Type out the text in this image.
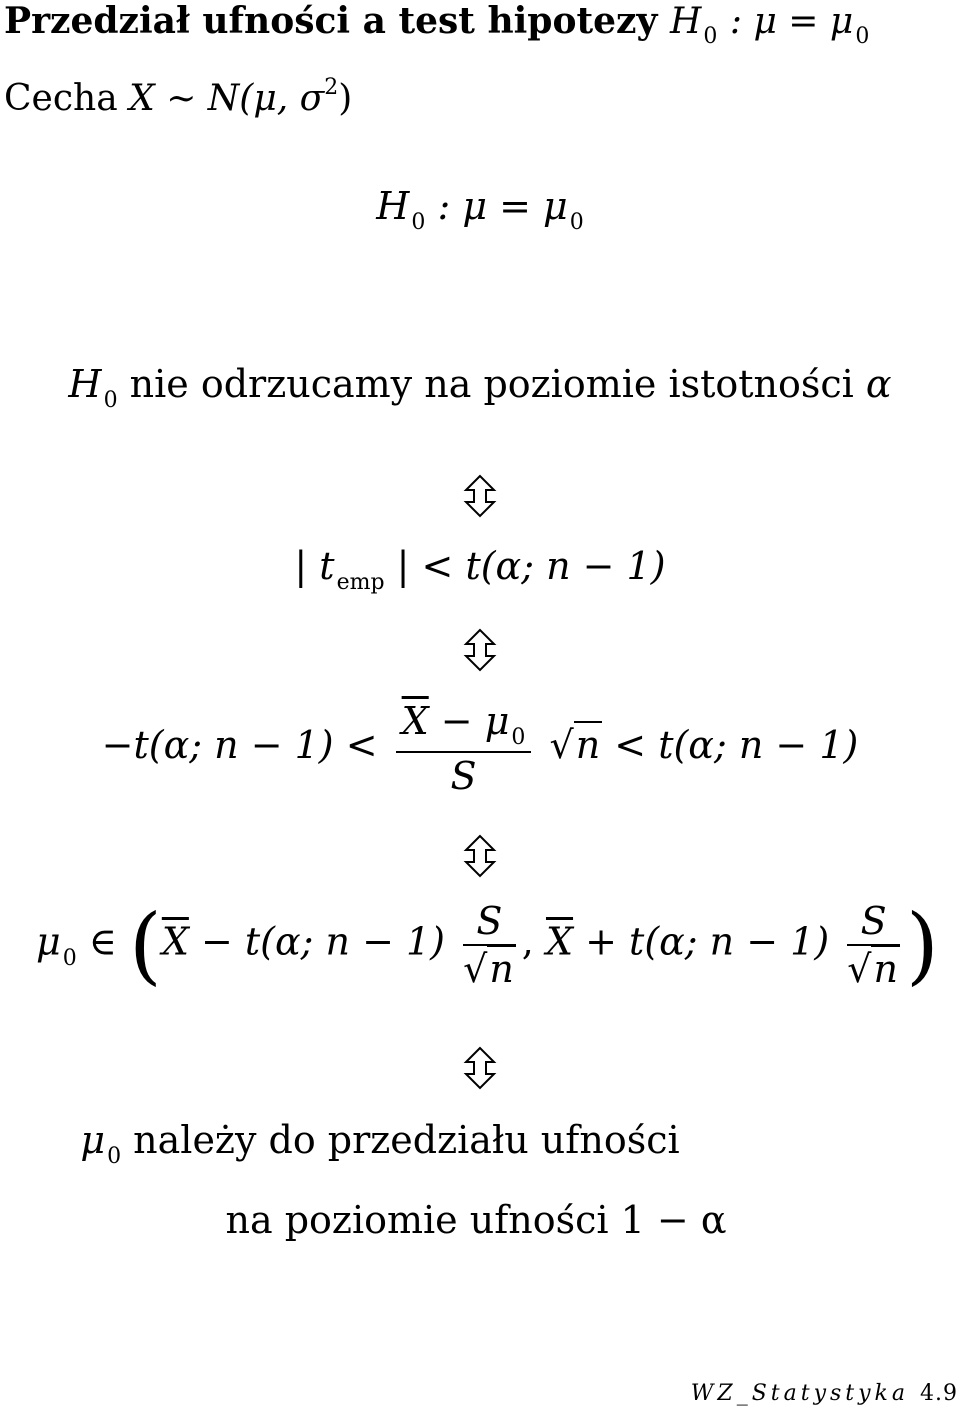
Przedział ufności a test hipotezy $H_0$ : $\mu = \mu_0$
Cecha X ∼ N(μ, $\sigma^2$)
$H_0$ : $\mu = \mu_0$
$H_0$ nie odrzucamy na poziomie istotności α
| $t_{emp}$ | < t(α; n − 1)
−t(α; $n - 1) < \frac{\overline{X} - \mu_0}{S} √n < t(\alpha$; n − 1)
$\mu_0$ ∈ ($\overline{X} - t(\alpha$; $n - 1) \frac{S}{√n}$ , $\overline{X} + t(\alpha$; $n - 1) \frac{S}{√n}$ )
$\mu_0$ należy do przedziału ufności
na poziomie ufności 1 − α
WZ_Statystyka 4.9
